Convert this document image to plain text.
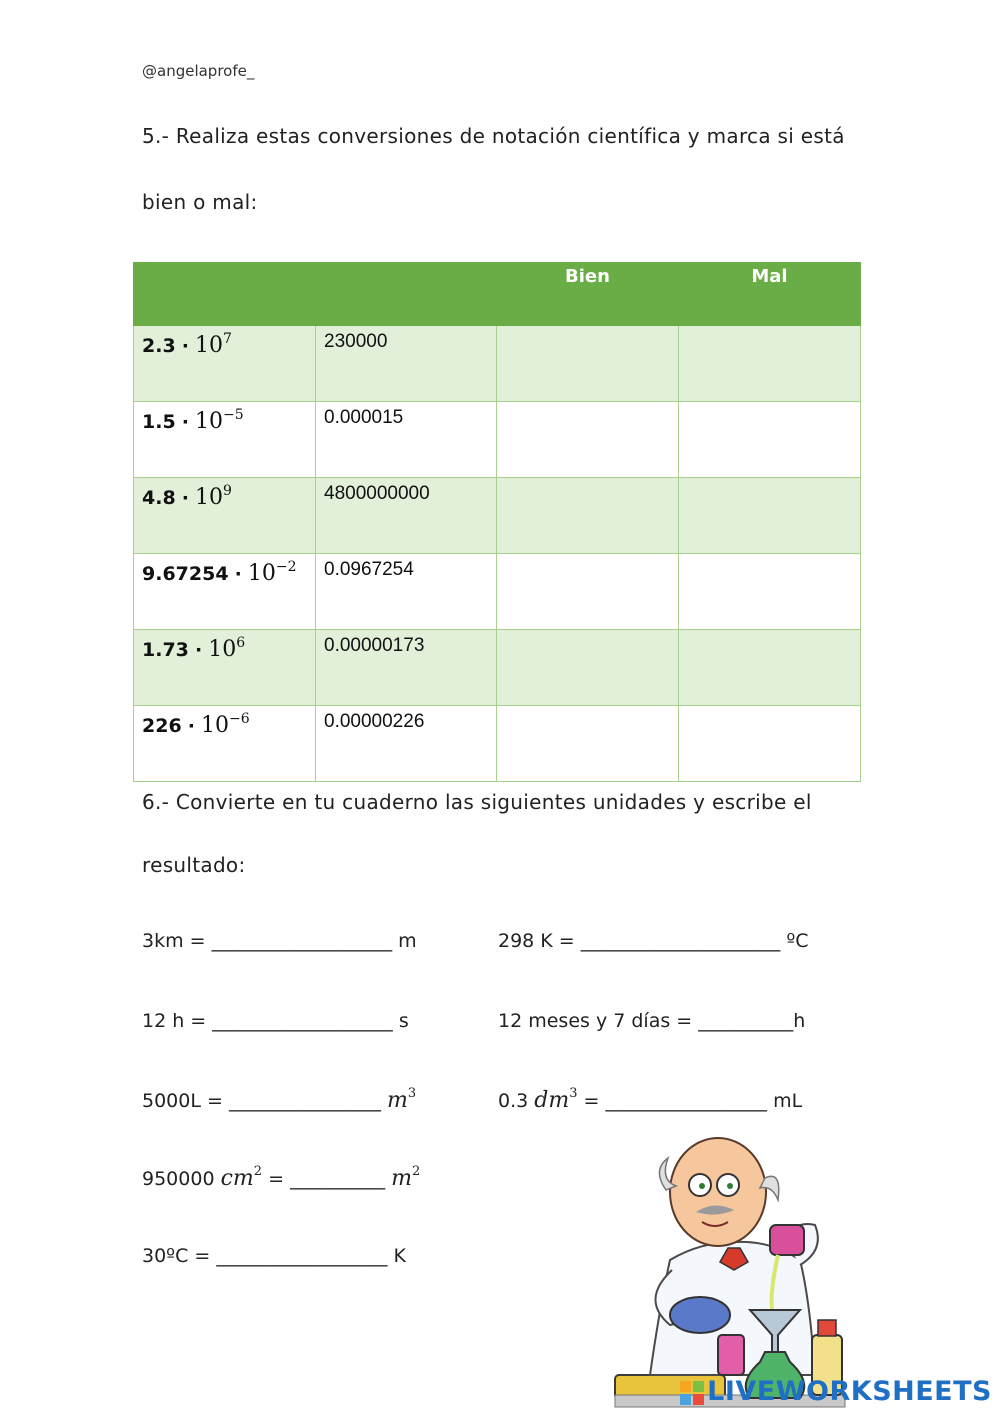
@angelaprofe_
5.- Realiza estas conversiones de notación científica y marca si está
bien o mal:
		Bien	Mal
$2.3 \cdot 10^7$	230000		
$1.5 \cdot 10^{-5}$	0.000015		
$4.8 \cdot 10^9$	4800000000		
$9.67254 \cdot 10^{-2}$	0.0967254		
$1.73 \cdot 10^6$	0.00000173		
$226 \cdot 10^{-6}$	0.00000226		
6.- Convierte en tu cuaderno las siguientes unidades y escribe el
resultado:
3km = ___________________ m	298 K = _____________________ ºC
12 h = ___________________ s	12 meses y 7 días = __________h
5000L = ________________ $m^3$	0.3 $dm^3$ = _________________ mL
950000 $cm^2$ = __________ $m^2$
30ºC = __________________ K
LIVEWORKSHEETS
